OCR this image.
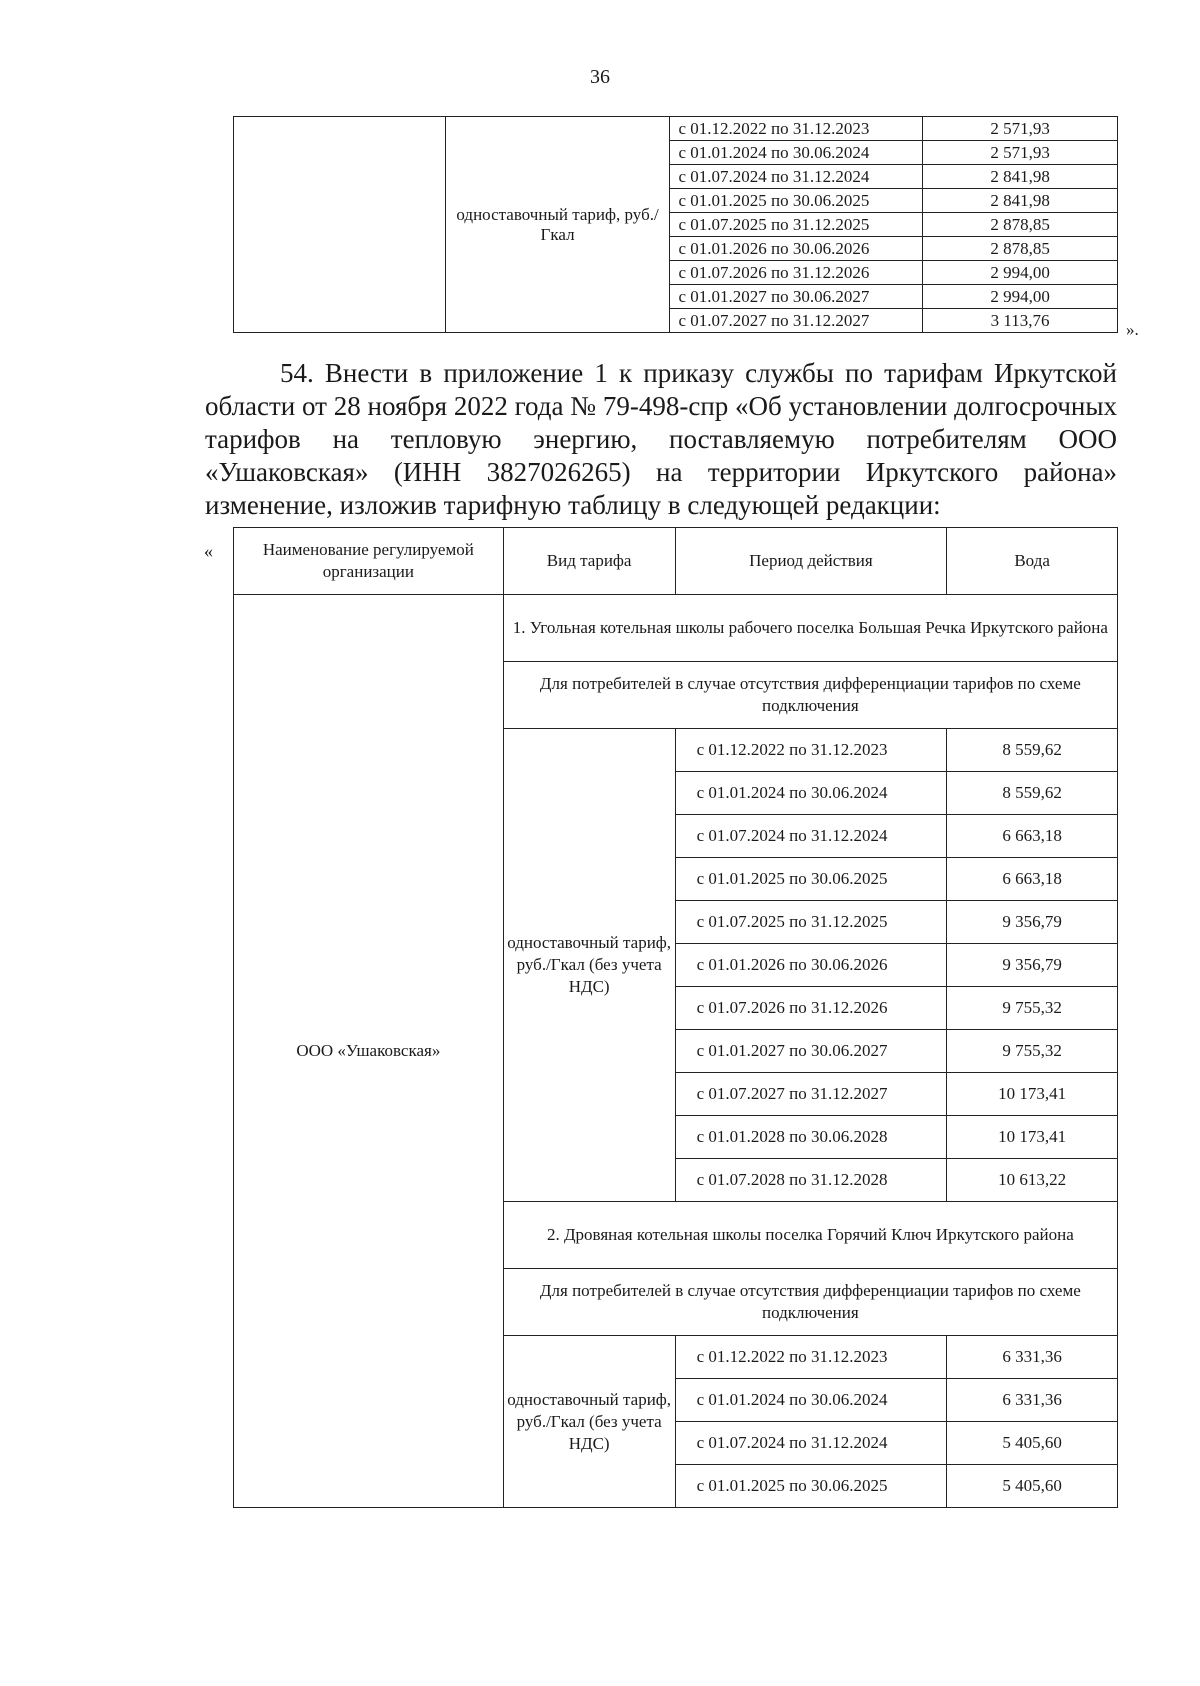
36
	одноставочный тариф, руб./Гкал	с 01.12.2022 по 31.12.2023	2 571,93
		с 01.01.2024 по 30.06.2024	2 571,93
		с 01.07.2024 по 31.12.2024	2 841,98
		с 01.01.2025 по 30.06.2025	2 841,98
		с 01.07.2025 по 31.12.2025	2 878,85
		с 01.01.2026 по 30.06.2026	2 878,85
		с 01.07.2026 по 31.12.2026	2 994,00
		с 01.01.2027 по 30.06.2027	2 994,00
		с 01.07.2027 по 31.12.2027	3 113,76	».
54. Внести в приложение 1 к приказу службы по тарифам Иркутской области от 28 ноября 2022 года № 79-498-спр «Об установлении долгосрочных тарифов на тепловую энергию, поставляемую потребителям ООО «Ушаковская» (ИНН 3827026265) на территории Иркутского района» изменение, изложив тарифную таблицу в следующей редакции:
«	Наименование регулируемой организации	Вид тарифа	Период действия	Вода
ООО «Ушаковская»	1. Угольная котельная школы рабочего поселка Большая Речка Иркутского района		
	Для потребителей в случае отсутствия дифференциации тарифов по схеме подключения		
	одноставочный тариф, руб./Гкал (без учета НДС)	с 01.12.2022 по 31.12.2023	8 559,62
		с 01.01.2024 по 30.06.2024	8 559,62
		с 01.07.2024 по 31.12.2024	6 663,18
		с 01.01.2025 по 30.06.2025	6 663,18
		с 01.07.2025 по 31.12.2025	9 356,79
		с 01.01.2026 по 30.06.2026	9 356,79
		с 01.07.2026 по 31.12.2026	9 755,32
		с 01.01.2027 по 30.06.2027	9 755,32
		с 01.07.2027 по 31.12.2027	10 173,41
		с 01.01.2028 по 30.06.2028	10 173,41
		с 01.07.2028 по 31.12.2028	10 613,22
	2. Дровяная котельная школы поселка Горячий Ключ Иркутского района		
	Для потребителей в случае отсутствия дифференциации тарифов по схеме подключения		
	одноставочный тариф, руб./Гкал (без учета НДС)	с 01.12.2022 по 31.12.2023	6 331,36
		с 01.01.2024 по 30.06.2024	6 331,36
		с 01.07.2024 по 31.12.2024	5 405,60
		с 01.01.2025 по 30.06.2025	5 405,60
